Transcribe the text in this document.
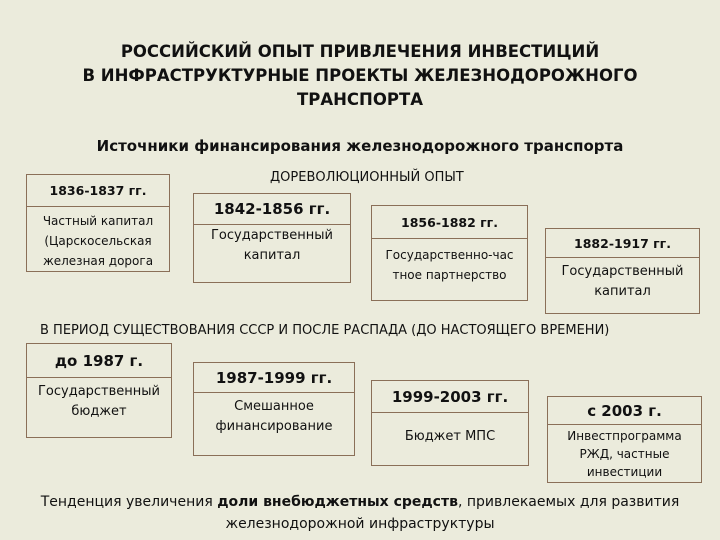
РОССИЙСКИЙ ОПЫТ ПРИВЛЕЧЕНИЯ ИНВЕСТИЦИЙ
В ИНФРАСТРУКТУРНЫЕ ПРОЕКТЫ ЖЕЛЕЗНОДОРОЖНОГО
ТРАНСПОРТА
Источники финансирования железнодорожного транспорта
ДОРЕВОЛЮЦИОННЫЙ ОПЫТ
1836-1837 гг.
Частный капитал
(Царскосельская
железная дорога
1842-1856 гг.
Государственный
капитал
1856-1882 гг.
Государственно-час
тное партнерство
1882-1917 гг.
Государственный
капитал
В ПЕРИОД СУЩЕСТВОВАНИЯ СССР И ПОСЛЕ РАСПАДА (ДО НАСТОЯЩЕГО ВРЕМЕНИ)
до 1987 г.
Государственный
бюджет
1987-1999 гг.
Смешанное
финансирование
1999-2003 гг.
Бюджет МПС
с 2003 г.
Инвестпрограмма
РЖД, частные
инвестиции
Тенденция увеличения доли внебюджетных средств, привлекаемых для развития
железнодорожной инфраструктуры
